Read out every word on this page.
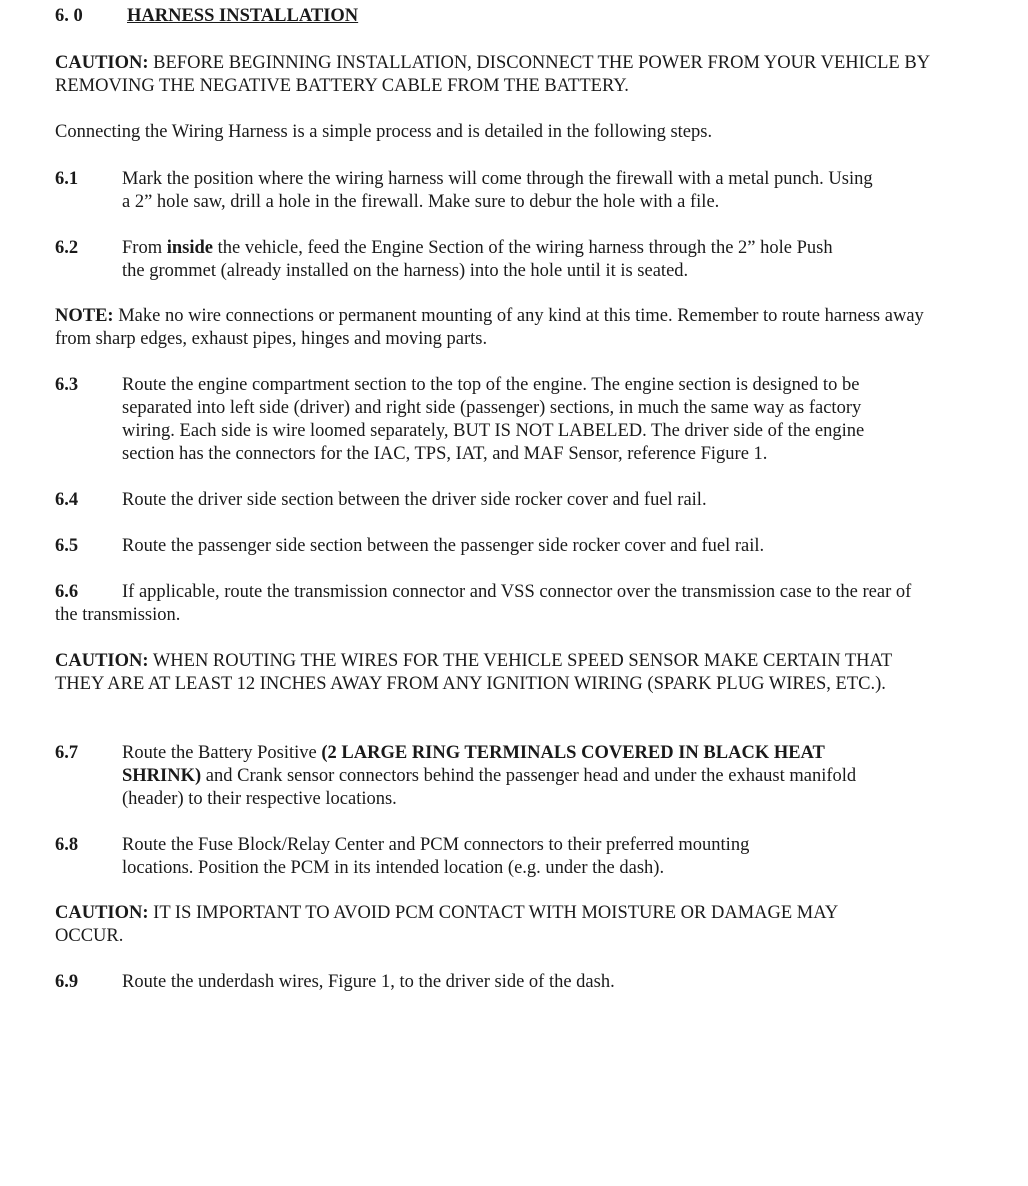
6. 0 HARNESS INSTALLATION

CAUTION: BEFORE BEGINNING INSTALLATION, DISCONNECT THE POWER FROM YOUR VEHICLE BY REMOVING THE NEGATIVE BATTERY CABLE FROM THE BATTERY.

Connecting the Wiring Harness is a simple process and is detailed in the following steps.

6.1	Mark the position where the wiring harness will come through the firewall with a metal punch. Using a 2” hole saw, drill a hole in the firewall. Make sure to debur the hole with a file.
6.2	From inside the vehicle, feed the Engine Section of the wiring harness through the 2” hole Push the grommet (already installed on the harness) into the hole until it is seated.

NOTE: Make no wire connections or permanent mounting of any kind at this time. Remember to route harness away from sharp edges, exhaust pipes, hinges and moving parts.

6.3	Route the engine compartment section to the top of the engine. The engine section is designed to be separated into left side (driver) and right side (passenger) sections, in much the same way as factory wiring. Each side is wire loomed separately, BUT IS NOT LABELED. The driver side of the engine section has the connectors for the IAC, TPS, IAT, and MAF Sensor, reference Figure 1.
6.4	Route the driver side section between the driver side rocker cover and fuel rail.
6.5	Route the passenger side section between the passenger side rocker cover and fuel rail.

6.6 If applicable, route the transmission connector and VSS connector over the transmission case to the rear of the transmission.

CAUTION: WHEN ROUTING THE WIRES FOR THE VEHICLE SPEED SENSOR MAKE CERTAIN THAT THEY ARE AT LEAST 12 INCHES AWAY FROM ANY IGNITION WIRING (SPARK PLUG WIRES, ETC.).

6.7	Route the Battery Positive (2 LARGE RING TERMINALS COVERED IN BLACK HEAT SHRINK) and Crank sensor connectors behind the passenger head and under the exhaust manifold (header) to their respective locations.
6.8	Route the Fuse Block/Relay Center and PCM connectors to their preferred mounting locations. Position the PCM in its intended location (e.g. under the dash).

CAUTION: IT IS IMPORTANT TO AVOID PCM CONTACT WITH MOISTURE OR DAMAGE MAY OCCUR.

6.9	Route the underdash wires, Figure 1, to the driver side of the dash.
